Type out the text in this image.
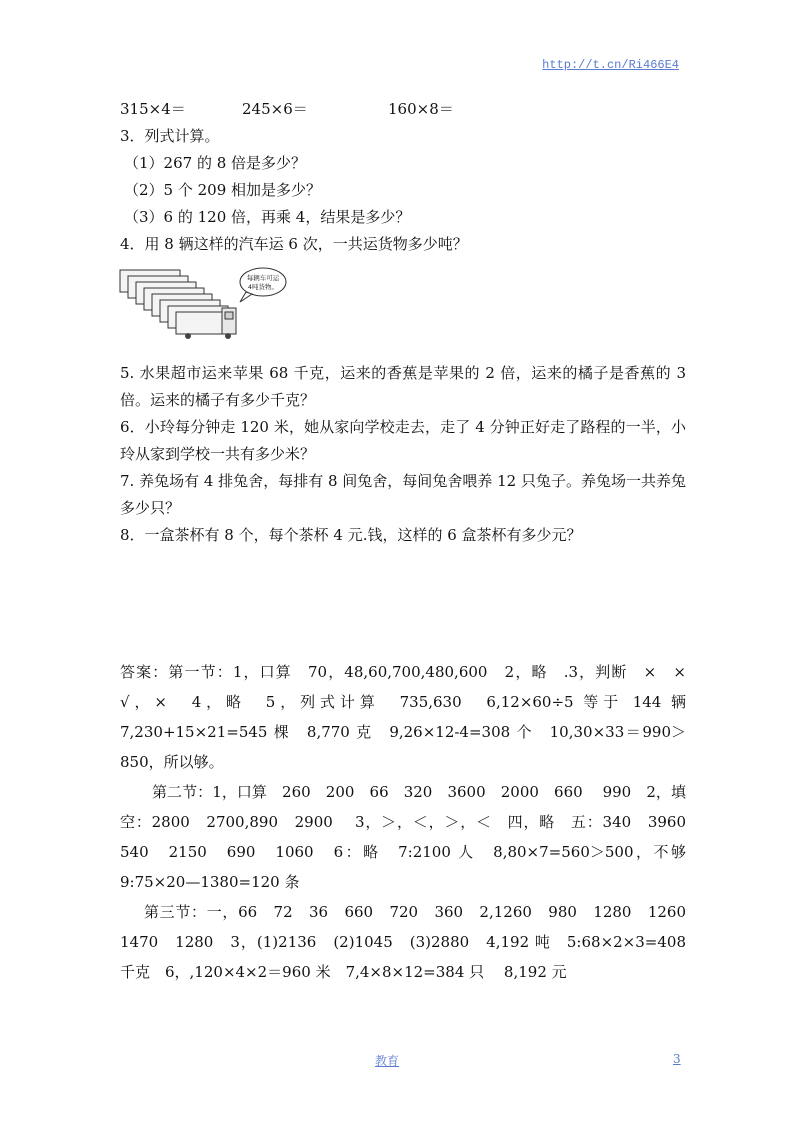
http://t.cn/Ri466E4
315×4＝	245×6＝	160×8＝
3．列式计算。
（1）267 的 8 倍是多少？
（2）5 个 209 相加是多少？
（3）6 的 120 倍，再乘 4，结果是多少？
4．用 8 辆这样的汽车运 6 次，一共运货物多少吨？
每辆车可运
4吨货物。
5. 水果超市运来苹果 68 千克，运来的香蕉是苹果的 2 倍，运来的橘子是香蕉的 3 倍。运来的橘子有多少千克？
6．小玲每分钟走 120 米，她从家向学校走去，走了 4 分钟正好走了路程的一半，小玲从家到学校一共有多少米？
7. 养兔场有 4 排兔舍，每排有 8 间兔舍，每间兔舍喂养 12 只兔子。养兔场一共养兔多少只？
8．一盒茶杯有 8 个，每个茶杯 4 元.钱，这样的 6 盒茶杯有多少元？

答案：第一节：1，口算　70，48,60,700,480,600　2，略　.3，判断　×　×　√，×　4，略　5，列式计算　735,630　6,12×60÷5 等于 144 辆　7,230+15×21=545 棵　8,770 克　9,26×12-4=308 个　10,30×33＝990＞850，所以够。

第二节：1，口算　260　200　66　320　3600　2000　660　 990　2，填空：2800　2700,890　2900　 3，＞，＜，＞，＜　四，略　五：340　3960　540　2150　690　1060　6：略　7:2100 人　8,80×7=560＞500，不够　9:75×20—1380=120 条

第三节：一，66　72　36　660　720　360　2,1260　980　1280　1260　1470　1280　3，(1)2136　(2)1045　(3)2880　4,192 吨　5:68×2×3=408 千克　6，,120×4×2＝960 米　7,4×8×12=384 只　 8,192 元

教育	3
